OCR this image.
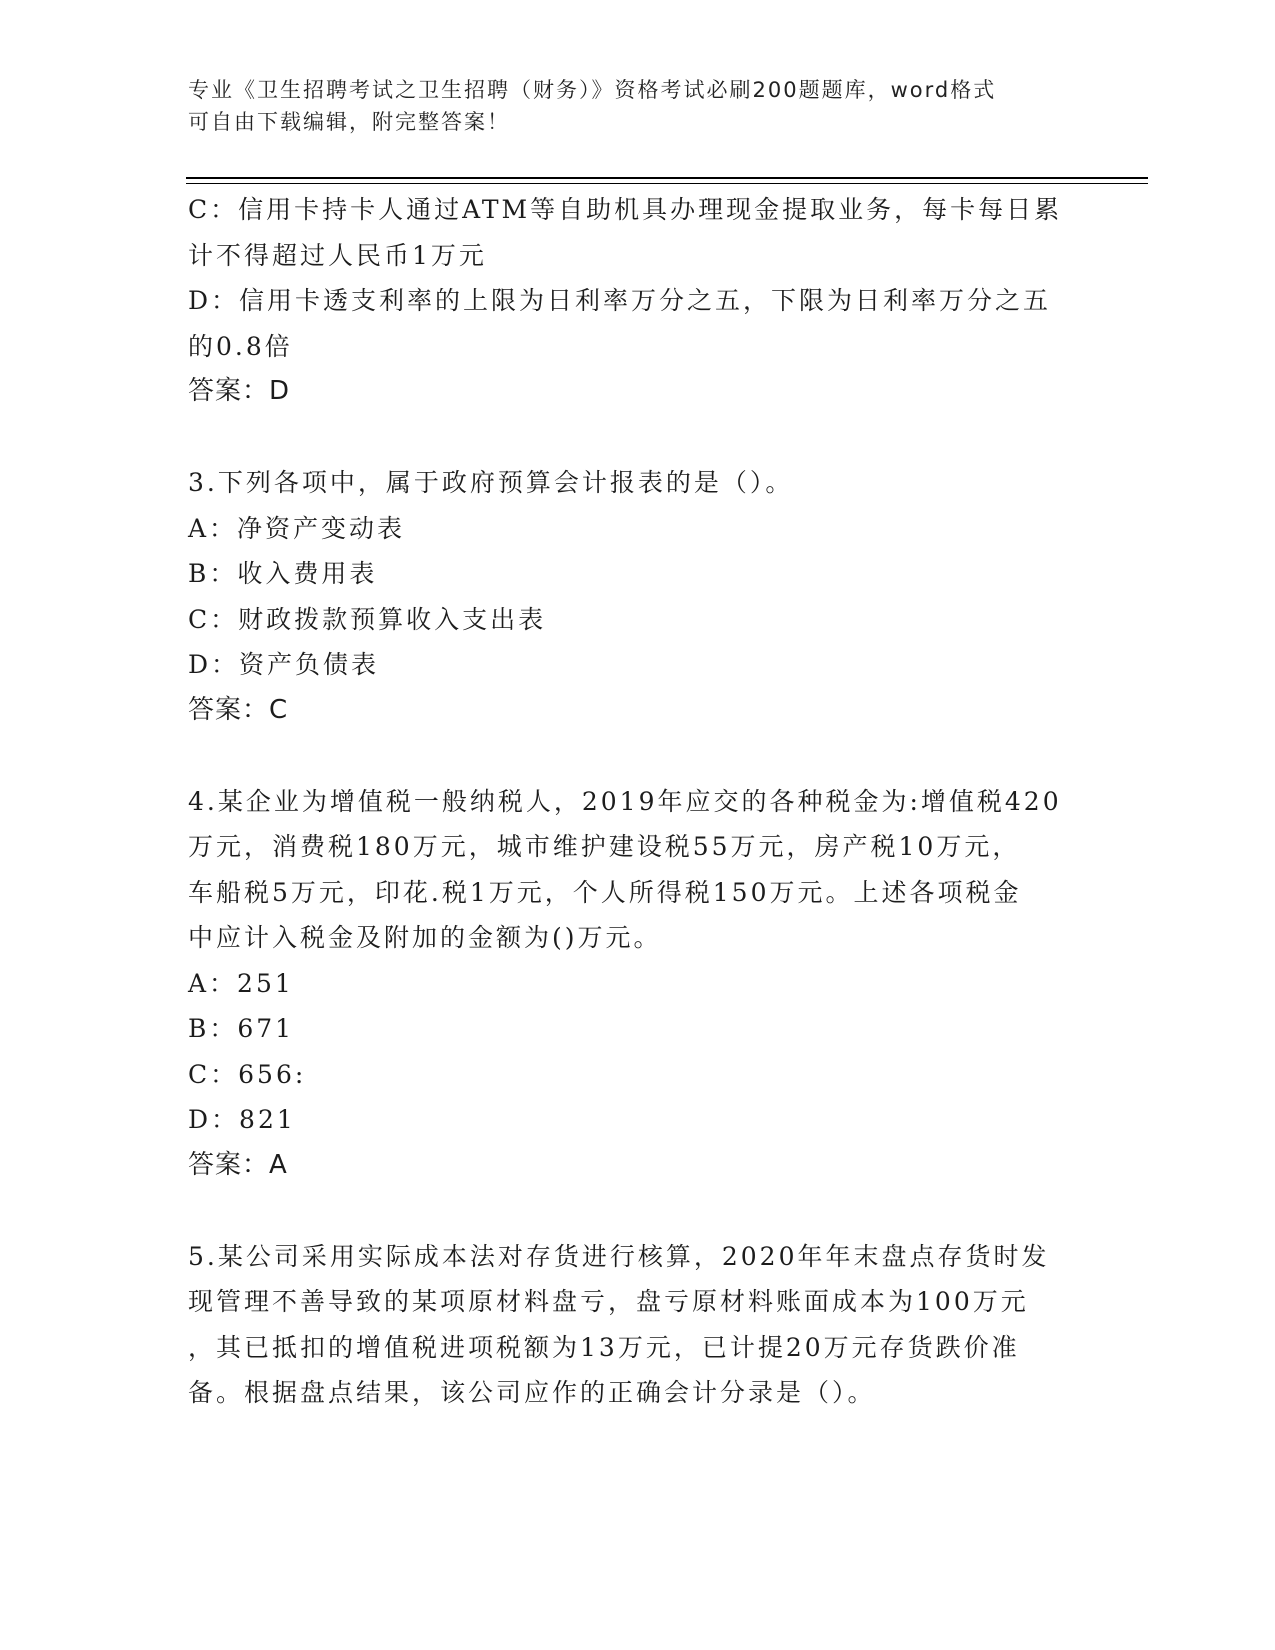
专业《卫生招聘考试之卫生招聘（财务）》资格考试必刷200题题库，word格式

可自由下载编辑，附完整答案！

C：信用卡持卡人通过ATM等自助机具办理现金提取业务，每卡每日累

计不得超过人民币1万元

D：信用卡透支利率的上限为日利率万分之五，下限为日利率万分之五

的0.8倍

答案：D

3.下列各项中，属于政府预算会计报表的是（）。

A：净资产变动表

B：收入费用表

C：财政拨款预算收入支出表

D：资产负债表

答案：C

4.某企业为增值税一般纳税人，2019年应交的各种税金为:增值税420

万元，消费税180万元，城市维护建设税55万元，房产税10万元，

车船税5万元，印花.税1万元，个人所得税150万元。上述各项税金

中应计入税金及附加的金额为()万元。

A：251

B：671

C：656:

D：821

答案：A

5.某公司采用实际成本法对存货进行核算，2020年年末盘点存货时发

现管理不善导致的某项原材料盘亏，盘亏原材料账面成本为100万元

，其已抵扣的增值税进项税额为13万元，已计提20万元存货跌价准

备。根据盘点结果，该公司应作的正确会计分录是（）。
